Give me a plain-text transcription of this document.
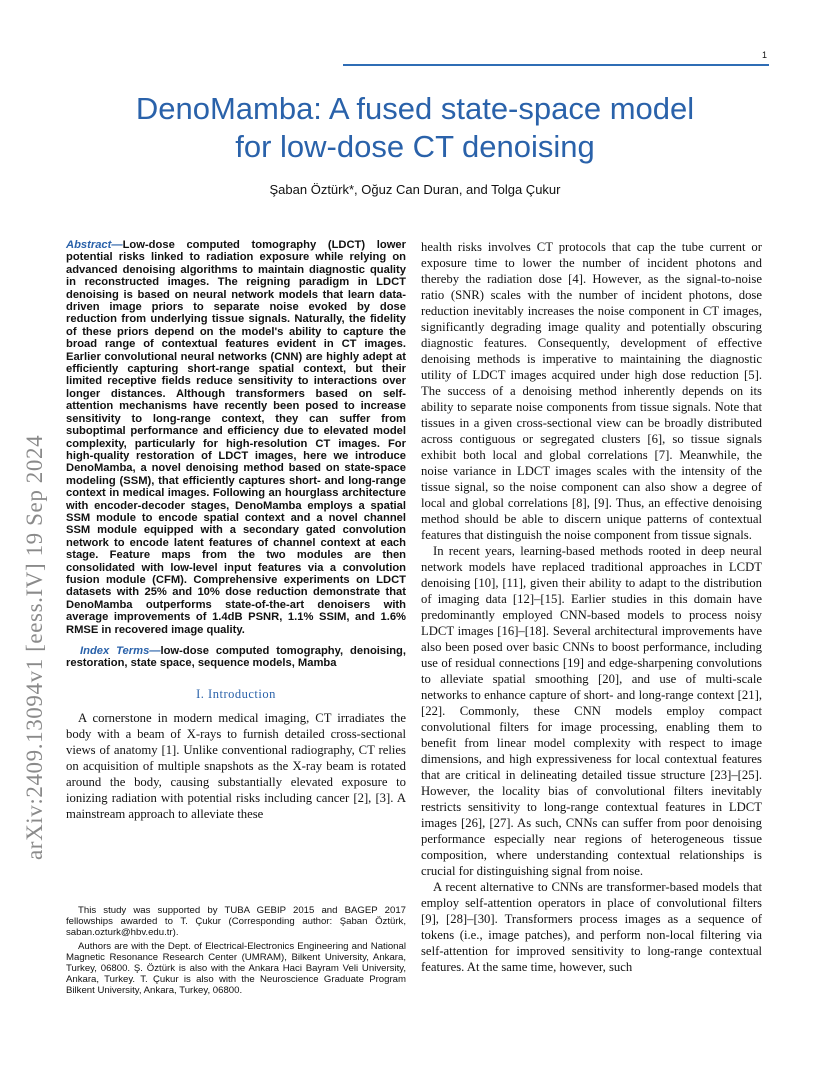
1
DenoMamba: A fused state-space model
for low-dose CT denoising
Şaban Öztürk*, Oğuz Can Duran, and Tolga Çukur
arXiv:2409.13094v1 [eess.IV] 19 Sep 2024

Abstract—Low-dose computed tomography (LDCT) lower potential risks linked to radiation exposure while relying on advanced denoising algorithms to maintain diagnostic quality in reconstructed images. The reigning paradigm in LDCT denoising is based on neural network models that learn data-driven image priors to separate noise evoked by dose reduction from underlying tissue signals. Naturally, the fidelity of these priors depend on the model's ability to capture the broad range of contextual features evident in CT images. Earlier convolutional neural networks (CNN) are highly adept at efficiently capturing short-range spatial context, but their limited receptive fields reduce sensitivity to interactions over longer distances. Although transformers based on self-attention mechanisms have recently been posed to increase sensitivity to long-range context, they can suffer from suboptimal performance and efficiency due to elevated model complexity, particularly for high-resolution CT images. For high-quality restoration of LDCT images, here we introduce DenoMamba, a novel denoising method based on state-space modeling (SSM), that efficiently captures short- and long-range context in medical images. Following an hourglass architecture with encoder-decoder stages, DenoMamba employs a spatial SSM module to encode spatial context and a novel channel SSM module equipped with a secondary gated convolution network to encode latent features of channel context at each stage. Feature maps from the two modules are then consolidated with low-level input features via a convolution fusion module (CFM). Comprehensive experiments on LDCT datasets with 25% and 10% dose reduction demonstrate that DenoMamba outperforms state-of-the-art denoisers with average improvements of 1.4dB PSNR, 1.1% SSIM, and 1.6% RMSE in recovered image quality.

Index Terms—low-dose computed tomography, denoising, restoration, state space, sequence models, Mamba

I. Introduction

A cornerstone in modern medical imaging, CT irradiates the body with a beam of X-rays to furnish detailed cross-sectional views of anatomy [1]. Unlike conventional radiography, CT relies on acquisition of multiple snapshots as the X-ray beam is rotated around the body, causing substantially elevated exposure to ionizing radiation with potential risks including cancer [2], [3]. A mainstream approach to alleviate these

This study was supported by TUBA GEBIP 2015 and BAGEP 2017 fellowships awarded to T. Çukur (Corresponding author: Şaban Öztürk, saban.ozturk@hbv.edu.tr).

Authors are with the Dept. of Electrical-Electronics Engineering and National Magnetic Resonance Research Center (UMRAM), Bilkent University, Ankara, Turkey, 06800. Ş. Öztürk is also with the Ankara Haci Bayram Veli University, Ankara, Turkey. T. Çukur is also with the Neuroscience Graduate Program Bilkent University, Ankara, Turkey, 06800.

health risks involves CT protocols that cap the tube current or exposure time to lower the number of incident photons and thereby the radiation dose [4]. However, as the signal-to-noise ratio (SNR) scales with the number of incident photons, dose reduction inevitably increases the noise component in CT images, significantly degrading image quality and potentially obscuring diagnostic features. Consequently, development of effective denoising methods is imperative to maintaining the diagnostic utility of LDCT images acquired under high dose reduction [5]. The success of a denoising method inherently depends on its ability to separate noise components from tissue signals. Note that tissues in a given cross-sectional view can be broadly distributed across contiguous or segregated clusters [6], so tissue signals exhibit both local and global correlations [7]. Meanwhile, the noise variance in LDCT images scales with the intensity of the tissue signal, so the noise component can also show a degree of local and global correlations [8], [9]. Thus, an effective denoising method should be able to discern unique patterns of contextual features that distinguish the noise component from tissue signals.

In recent years, learning-based methods rooted in deep neural network models have replaced traditional approaches in LCDT denoising [10], [11], given their ability to adapt to the distribution of imaging data [12]–[15]. Earlier studies in this domain have predominantly employed CNN-based models to process noisy LDCT images [16]–[18]. Several architectural improvements have also been posed over basic CNNs to boost performance, including use of residual connections [19] and edge-sharpening convolutions to alleviate spatial smoothing [20], and use of multi-scale networks to enhance capture of short- and long-range context [21], [22]. Commonly, these CNN models employ compact convolutional filters for image processing, enabling them to benefit from linear model complexity with respect to image dimensions, and high expressiveness for local contextual features that are critical in delineating detailed tissue structure [23]–[25]. However, the locality bias of convolutional filters inevitably restricts sensitivity to long-range contextual features in LDCT images [26], [27]. As such, CNNs can suffer from poor denoising performance especially near regions of heterogeneous tissue composition, where understanding contextual relationships is crucial for distinguishing signal from noise.

A recent alternative to CNNs are transformer-based models that employ self-attention operators in place of convolutional filters [9], [28]–[30]. Transformers process images as a sequence of tokens (i.e., image patches), and perform non-local filtering via self-attention for improved sensitivity to long-range contextual features. At the same time, however, such
